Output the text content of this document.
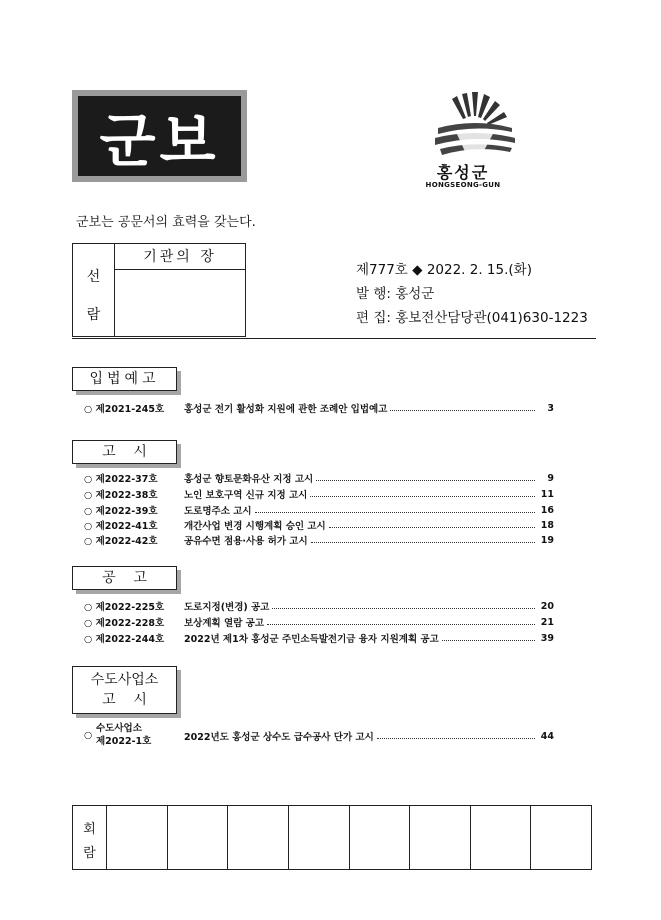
군보	홍성군
HONGSEONG-GUN
군보는 공문서의 효력을 갖는다.
선
람
기관의 장
제777호 ◆ 2022. 2. 15.(화)
발 행: 홍성군
편 집: 홍보전산담당관(041)630-1223
입법예고
○ 제2021-245호	홍성군 전기 활성화 지원에 관한 조례안 입법예고	3
고    시
○ 제2022-37호	홍성군 향토문화유산 지정 고시	9
○ 제2022-38호	노인 보호구역 신규 지정 고시	11
○ 제2022-39호	도로명주소 고시	16
○ 제2022-41호	개간사업 변경 시행계획 승인 고시	18
○ 제2022-42호	공유수면 점용·사용 허가 고시	19
공    고
○ 제2022-225호	도로지정(변경) 공고	20
○ 제2022-228호	보상계획 열람 공고	21
○ 제2022-244호	2022년 제1차 홍성군 주민소득발전기금 융자 지원계획 공고	39
수도사업소
고    시
○
수도사업소
제2022-1호	2022년도 홍성군 상수도 급수공사 단가 고시	44
회
람
